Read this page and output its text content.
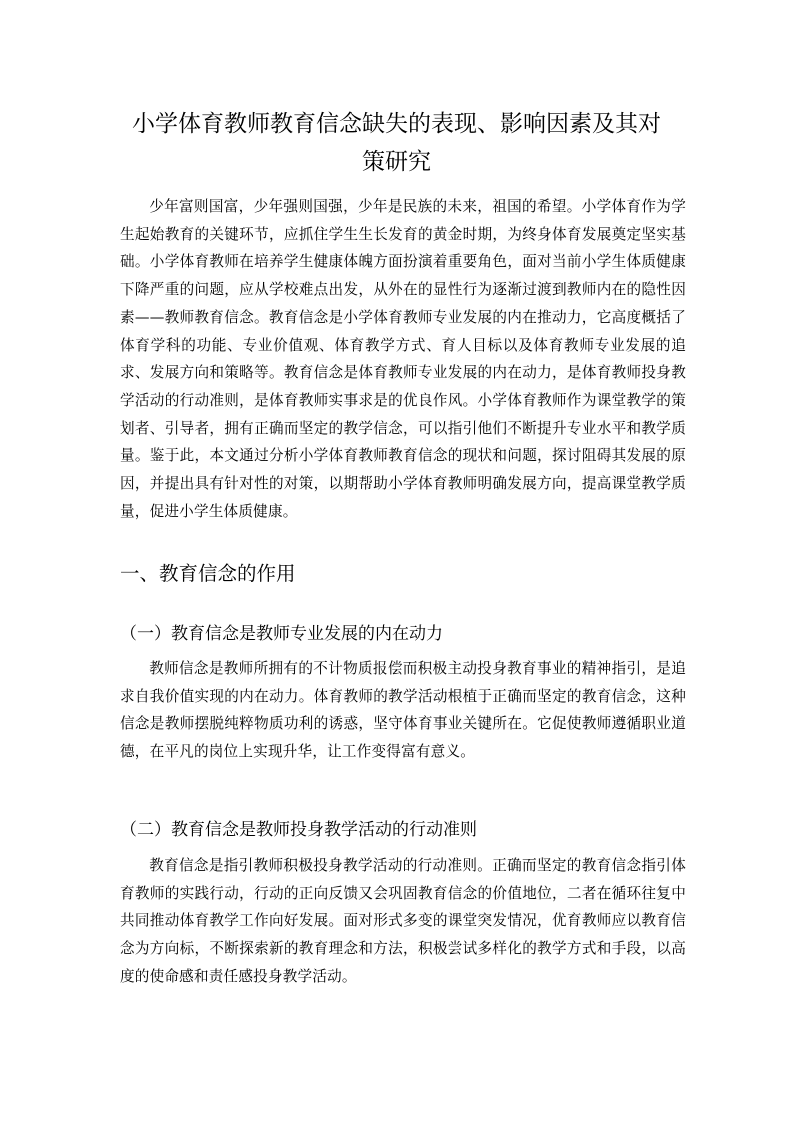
小学体育教师教育信念缺失的表现、影响因素及其对
策研究

少年富则国富，少年强则国强，少年是民族的未来，祖国的希望。小学体育作为学生起始教育的关键环节，应抓住学生生长发育的黄金时期，为终身体育发展奠定坚实基础。小学体育教师在培养学生健康体魄方面扮演着重要角色，面对当前小学生体质健康下降严重的问题，应从学校难点出发，从外在的显性行为逐渐过渡到教师内在的隐性因素——教师教育信念。教育信念是小学体育教师专业发展的内在推动力，它高度概括了体育学科的功能、专业价值观、体育教学方式、育人目标以及体育教师专业发展的追求、发展方向和策略等。教育信念是体育教师专业发展的内在动力，是体育教师投身教学活动的行动准则，是体育教师实事求是的优良作风。小学体育教师作为课堂教学的策划者、引导者，拥有正确而坚定的教学信念，可以指引他们不断提升专业水平和教学质量。鉴于此，本文通过分析小学体育教师教育信念的现状和问题，探讨阻碍其发展的原因，并提出具有针对性的对策，以期帮助小学体育教师明确发展方向，提高课堂教学质量，促进小学生体质健康。

一、教育信念的作用
（一）教育信念是教师专业发展的内在动力

教师信念是教师所拥有的不计物质报偿而积极主动投身教育事业的精神指引，是追求自我价值实现的内在动力。体育教师的教学活动根植于正确而坚定的教育信念，这种信念是教师摆脱纯粹物质功利的诱惑，坚守体育事业关键所在。它促使教师遵循职业道德，在平凡的岗位上实现升华，让工作变得富有意义。

（二）教育信念是教师投身教学活动的行动准则

教育信念是指引教师积极投身教学活动的行动准则。正确而坚定的教育信念指引体育教师的实践行动，行动的正向反馈又会巩固教育信念的价值地位，二者在循环往复中共同推动体育教学工作向好发展。面对形式多变的课堂突发情况，优育教师应以教育信念为方向标，不断探索新的教育理念和方法，积极尝试多样化的教学方式和手段，以高度的使命感和责任感投身教学活动。
